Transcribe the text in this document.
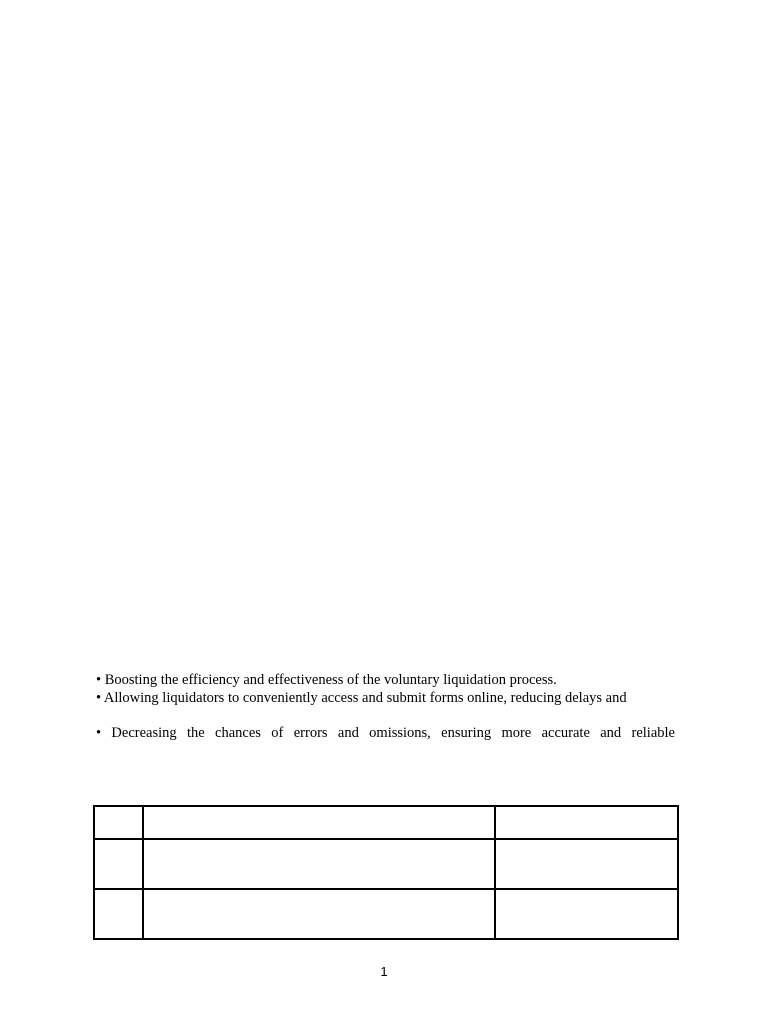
• Boosting the efficiency and effectiveness of the voluntary liquidation process.
• Allowing liquidators to conveniently access and submit forms online, reducing delays and
• Decreasing the chances of errors and omissions, ensuring more accurate and reliable

1
